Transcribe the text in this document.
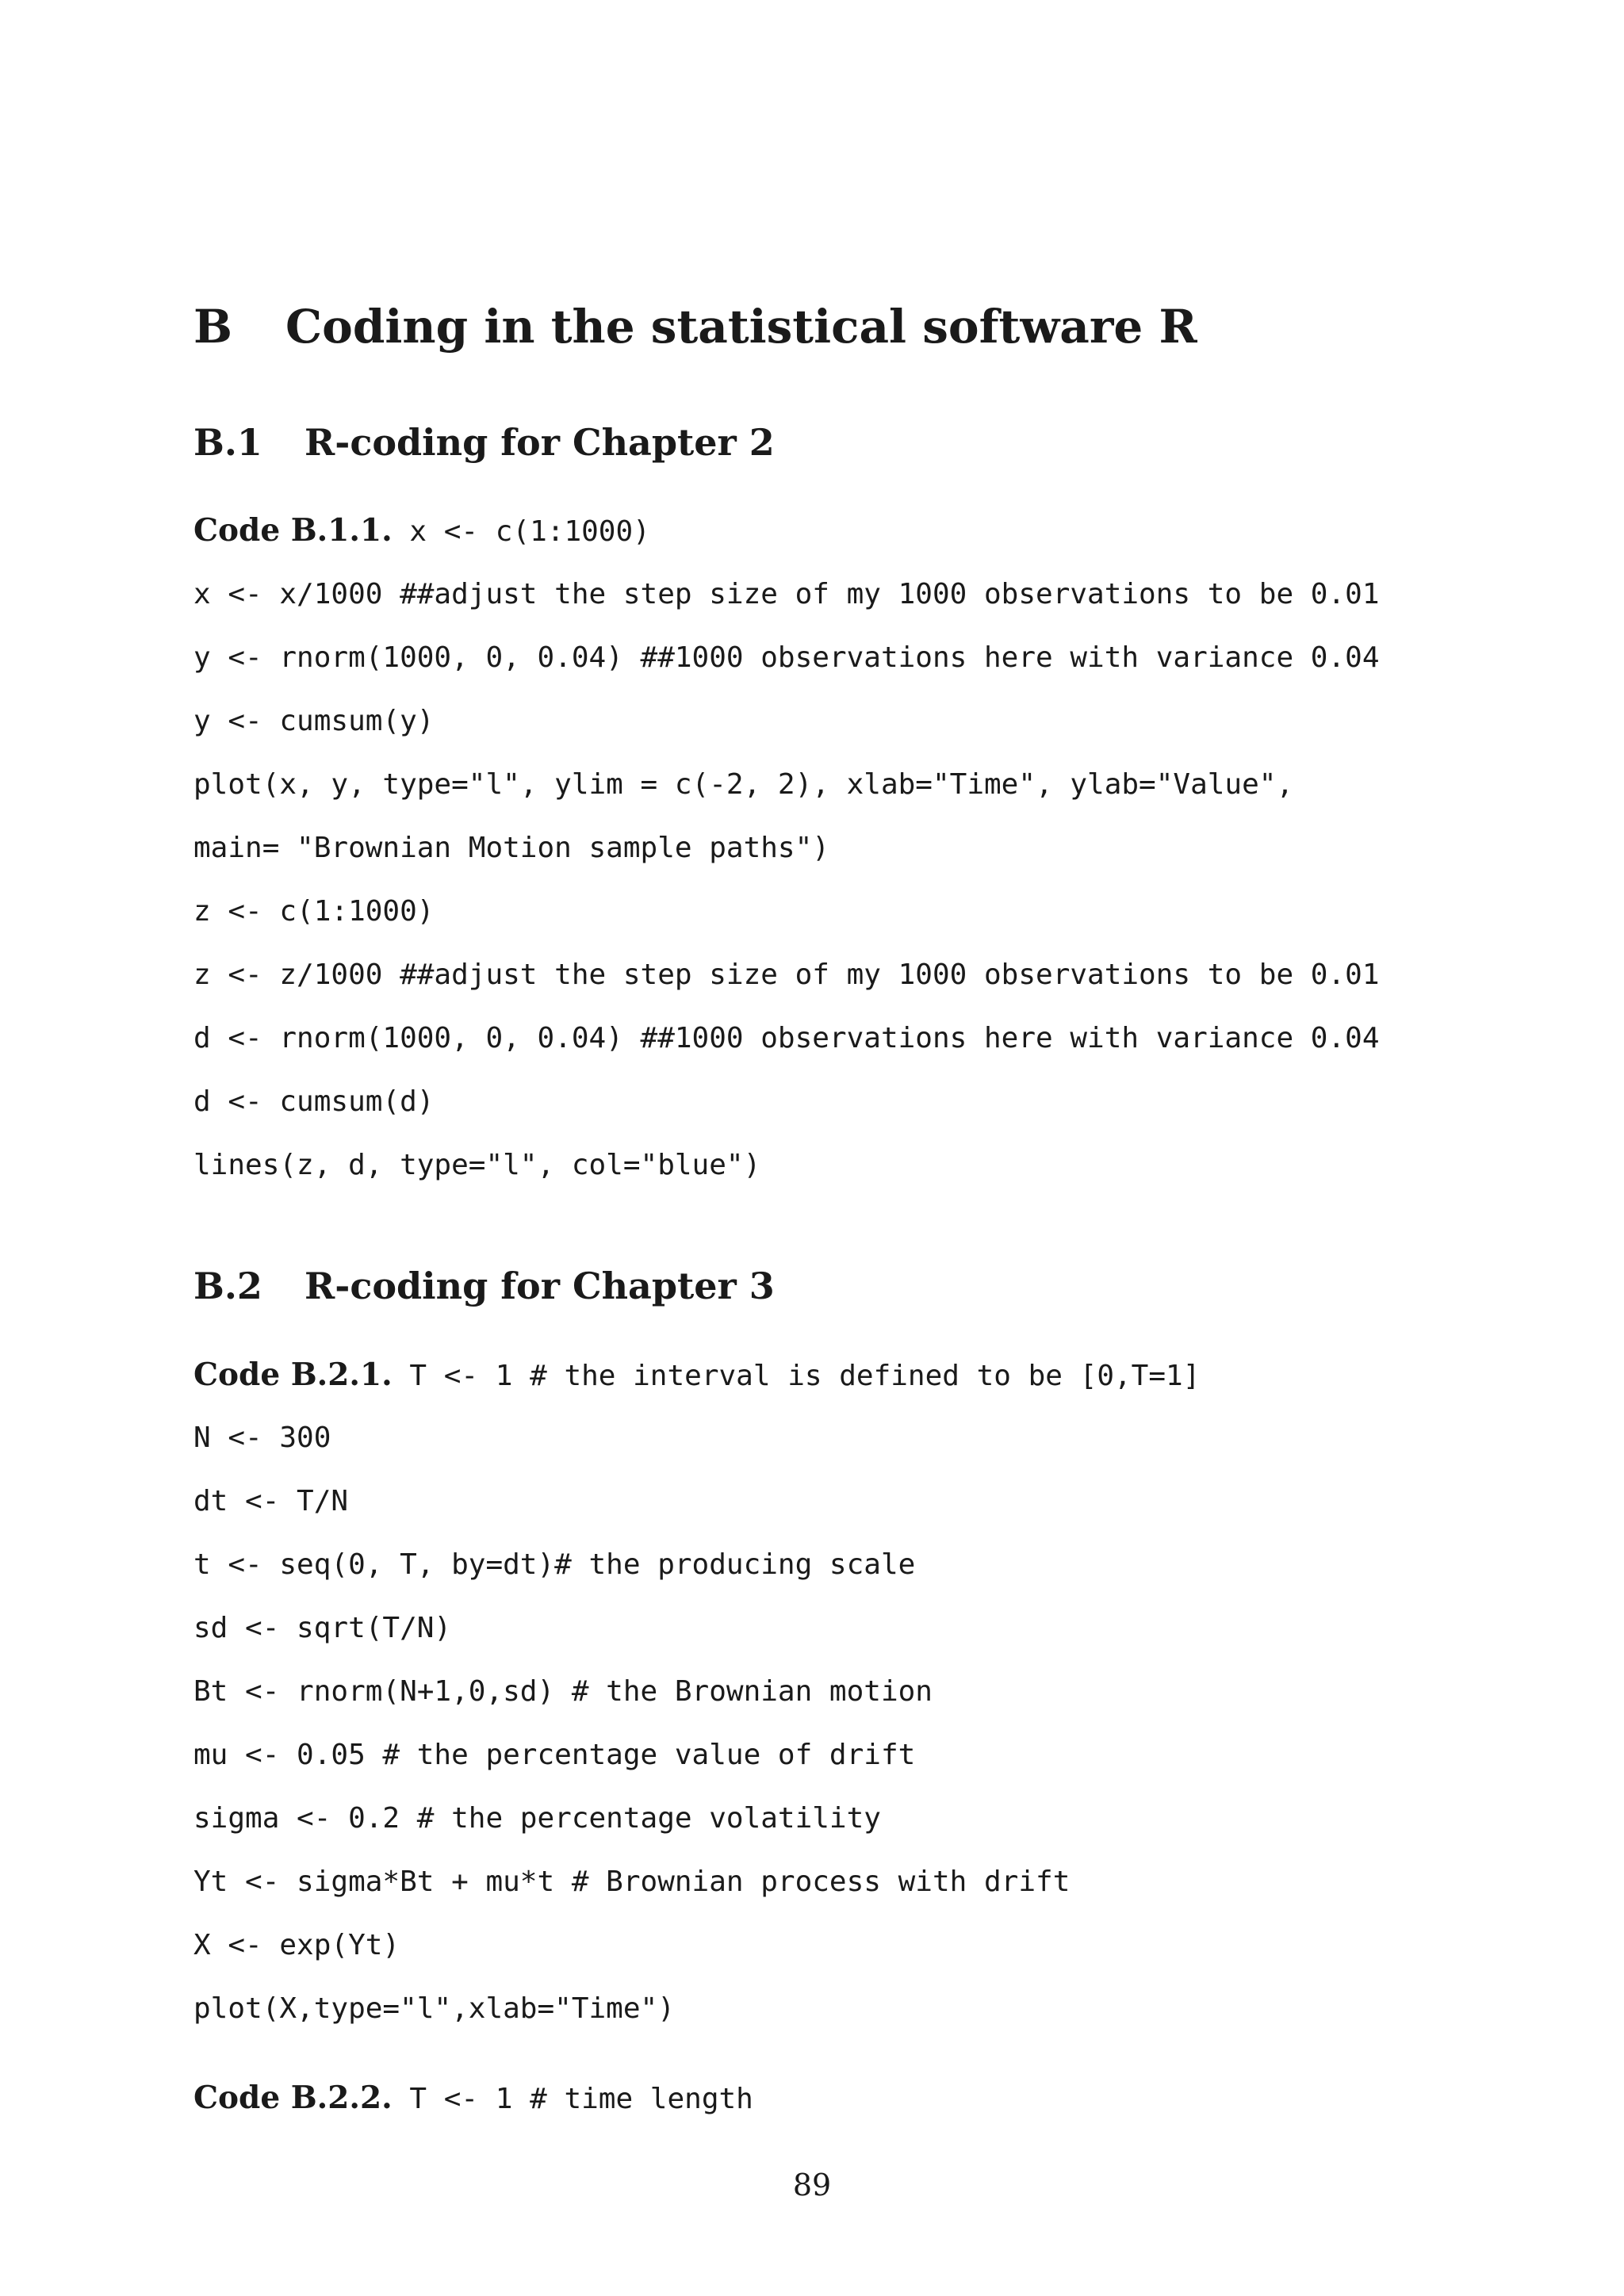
B Coding in the statistical software R
B.1 R-coding for Chapter 2
Code B.1.1. x <- c(1:1000)
x <- x/1000 ##adjust the step size of my 1000 observations to be 0.01
y <- rnorm(1000, 0, 0.04) ##1000 observations here with variance 0.04
y <- cumsum(y)
plot(x, y, type="l", ylim = c(-2, 2), xlab="Time", ylab="Value",
main= "Brownian Motion sample paths")
z <- c(1:1000)
z <- z/1000 ##adjust the step size of my 1000 observations to be 0.01
d <- rnorm(1000, 0, 0.04) ##1000 observations here with variance 0.04
d <- cumsum(d)
lines(z, d, type="l", col="blue")
B.2 R-coding for Chapter 3
Code B.2.1. T <- 1 # the interval is defined to be [0,T=1]
N <- 300
dt <- T/N
t <- seq(0, T, by=dt)# the producing scale
sd <- sqrt(T/N)
Bt <- rnorm(N+1,0,sd) # the Brownian motion
mu <- 0.05 # the percentage value of drift
sigma <- 0.2 # the percentage volatility
Yt <- sigma*Bt + mu*t # Brownian process with drift
X <- exp(Yt)
plot(X,type="l",xlab="Time")
Code B.2.2. T <- 1 # time length
89
